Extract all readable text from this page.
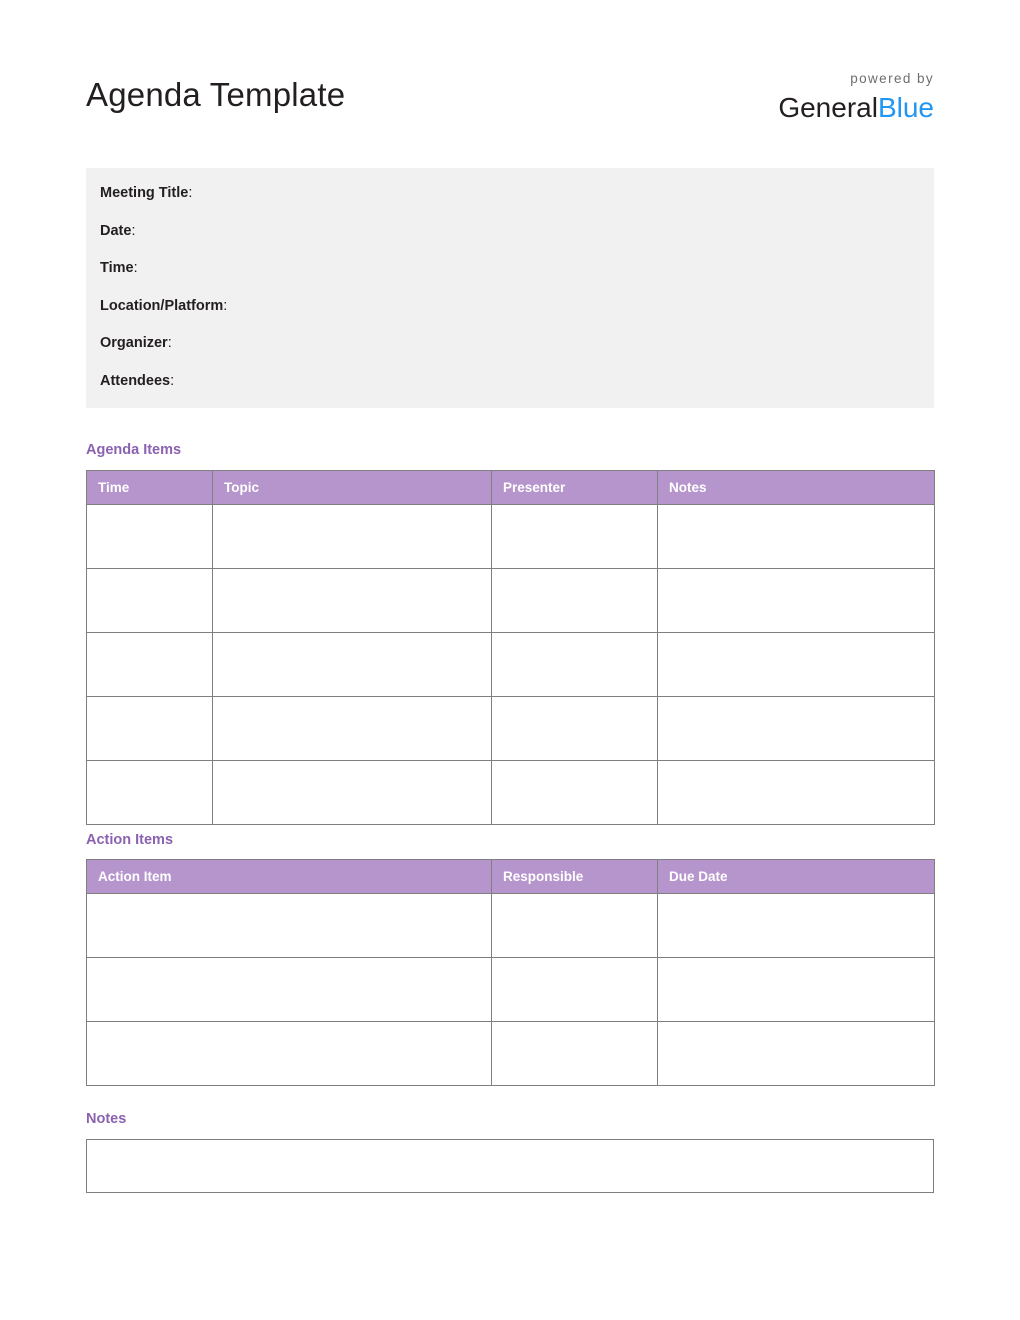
Agenda Template	powered by
GeneralBlue
Meeting Title:
Date:
Time:
Location/Platform:
Organizer:
Attendees:
Agenda Items
Time	Topic	Presenter	Notes

Action Items
Action Item	Responsible	Due Date

Notes
